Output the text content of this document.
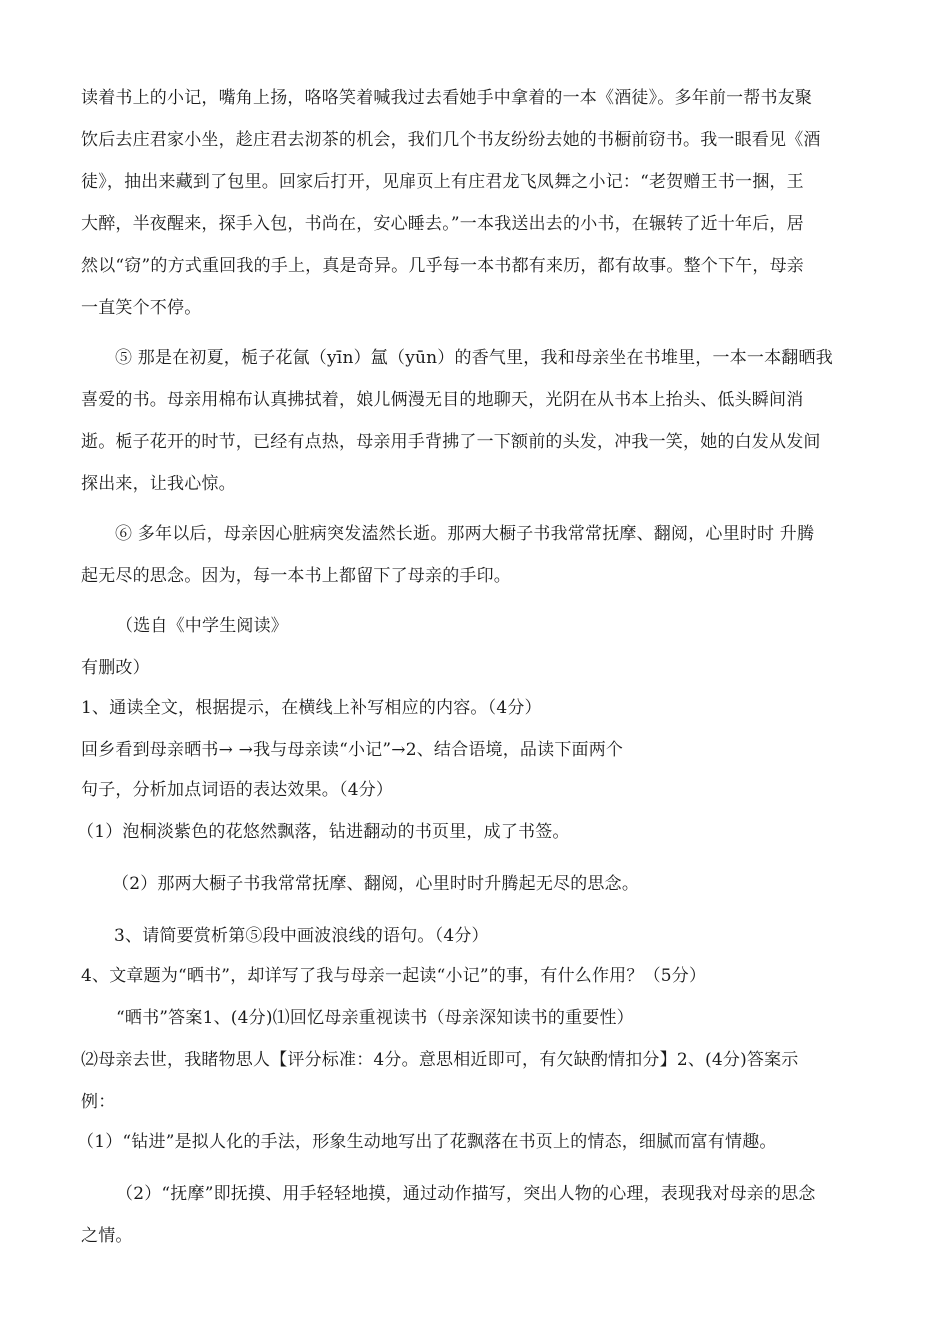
读着书上的小记，嘴角上扬，咯咯笑着喊我过去看她手中拿着的一本《酒徒》。多年前一帮书友聚
饮后去庄君家小坐，趁庄君去沏茶的机会，我们几个书友纷纷去她的书橱前窃书。我一眼看见《酒
徒》，抽出来藏到了包里。回家后打开，见扉页上有庄君龙飞凤舞之小记：“老贺赠王书一捆，王
大醉，半夜醒来，探手入包，书尚在，安心睡去。”一本我送出去的小书，在辗转了近十年后，居
然以“窃”的方式重回我的手上，真是奇异。几乎每一本书都有来历，都有故事。整个下午，母亲
一直笑个不停。
⑤ 那是在初夏，栀子花氤（yīn）氲（yūn）的香气里，我和母亲坐在书堆里，一本一本翻晒我
喜爱的书。母亲用棉布认真拂拭着，娘儿俩漫无目的地聊天，光阴在从书本上抬头、低头瞬间消
逝。栀子花开的时节，已经有点热，母亲用手背拂了一下额前的头发，冲我一笑，她的白发从发间
探出来，让我心惊。
⑥ 多年以后，母亲因心脏病突发溘然长逝。那两大橱子书我常常抚摩、翻阅，心里时时 升腾
起无尽的思念。因为，每一本书上都留下了母亲的手印。
（选自《中学生阅读》
有删改）
1、通读全文，根据提示，在横线上补写相应的内容。（4分）
回乡看到母亲晒书→ →我与母亲读“小记”→2、结合语境，品读下面两个
句子，分析加点词语的表达效果。（4分）
（1）泡桐淡紫色的花悠然飘落，钻进翻动的书页里，成了书签。
（2）那两大橱子书我常常抚摩、翻阅，心里时时升腾起无尽的思念。
3、请简要赏析第⑤段中画波浪线的语句。（4分）
4、文章题为“晒书”，却详写了我与母亲一起读“小记”的事，有什么作用？（5分）
“晒书”答案1、(4分)⑴回忆母亲重视读书（母亲深知读书的重要性）
⑵母亲去世，我睹物思人【评分标准：4分。意思相近即可，有欠缺酌情扣分】2、(4分)答案示
例：
（1）“钻进”是拟人化的手法，形象生动地写出了花飘落在书页上的情态，细腻而富有情趣。
（2）“抚摩”即抚摸、用手轻轻地摸，通过动作描写，突出人物的心理，表现我对母亲的思念
之情。
